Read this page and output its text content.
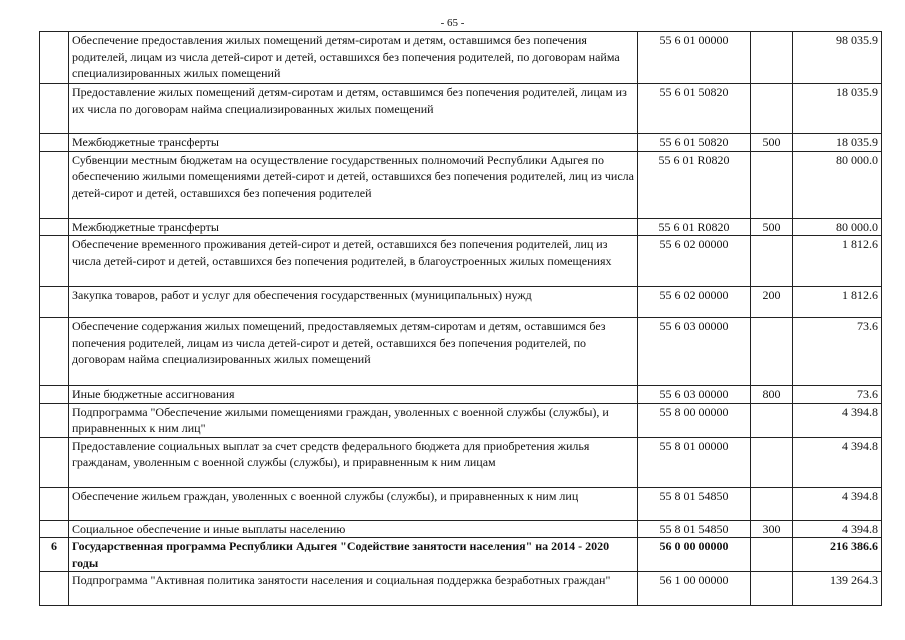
- 65 -
	Обеспечение предоставления жилых помещений детям-сиротам и детям, оставшимся без попечения родителей, лицам из числа детей-сирот и детей, оставшихся без попечения родителей, по договорам найма специализированных жилых помещений	55 6 01 00000		98 035.9
	Предоставление жилых помещений детям-сиротам и детям, оставшимся без попечения родителей, лицам из их числа по договорам найма специализированных жилых помещений	55 6 01 50820		18 035.9
	Межбюджетные трансферты	55 6 01 50820	500	18 035.9
	Субвенции местным бюджетам на осуществление государственных полномочий Республики Адыгея по обеспечению жилыми помещениями детей-сирот и детей, оставшихся без попечения родителей, лиц из числа детей-сирот и детей, оставшихся без попечения родителей	55 6 01 R0820		80 000.0
	Межбюджетные трансферты	55 6 01 R0820	500	80 000.0
	Обеспечение временного проживания детей-сирот и детей, оставшихся без попечения родителей, лиц из числа детей-сирот и детей, оставшихся без попечения родителей, в благоустроенных жилых помещениях	55 6 02 00000		1 812.6
	Закупка товаров, работ и услуг для обеспечения государственных (муниципальных) нужд	55 6 02 00000	200	1 812.6
	Обеспечение содержания жилых помещений, предоставляемых детям-сиротам и детям, оставшимся без попечения родителей, лицам из числа детей-сирот и детей, оставшихся без попечения родителей, по договорам найма специализированных жилых помещений	55 6 03 00000		73.6
	Иные бюджетные ассигнования	55 6 03 00000	800	73.6
	Подпрограмма "Обеспечение жилыми помещениями граждан, уволенных с военной службы (службы), и приравненных к ним лиц"	55 8 00 00000		4 394.8
	Предоставление социальных выплат за счет средств федерального бюджета для приобретения жилья гражданам, уволенным с военной службы (службы), и приравненным к ним лицам	55 8 01 00000		4 394.8
	Обеспечение жильем граждан, уволенных с военной службы (службы), и приравненных к ним лиц	55 8 01 54850		4 394.8
	Социальное обеспечение и иные выплаты населению	55 8 01 54850	300	4 394.8
6	Государственная программа Республики Адыгея "Содействие занятости населения" на 2014 - 2020 годы	56 0 00 00000		216 386.6
	Подпрограмма "Активная политика занятости населения и социальная поддержка безработных граждан"	56 1 00 00000		139 264.3
